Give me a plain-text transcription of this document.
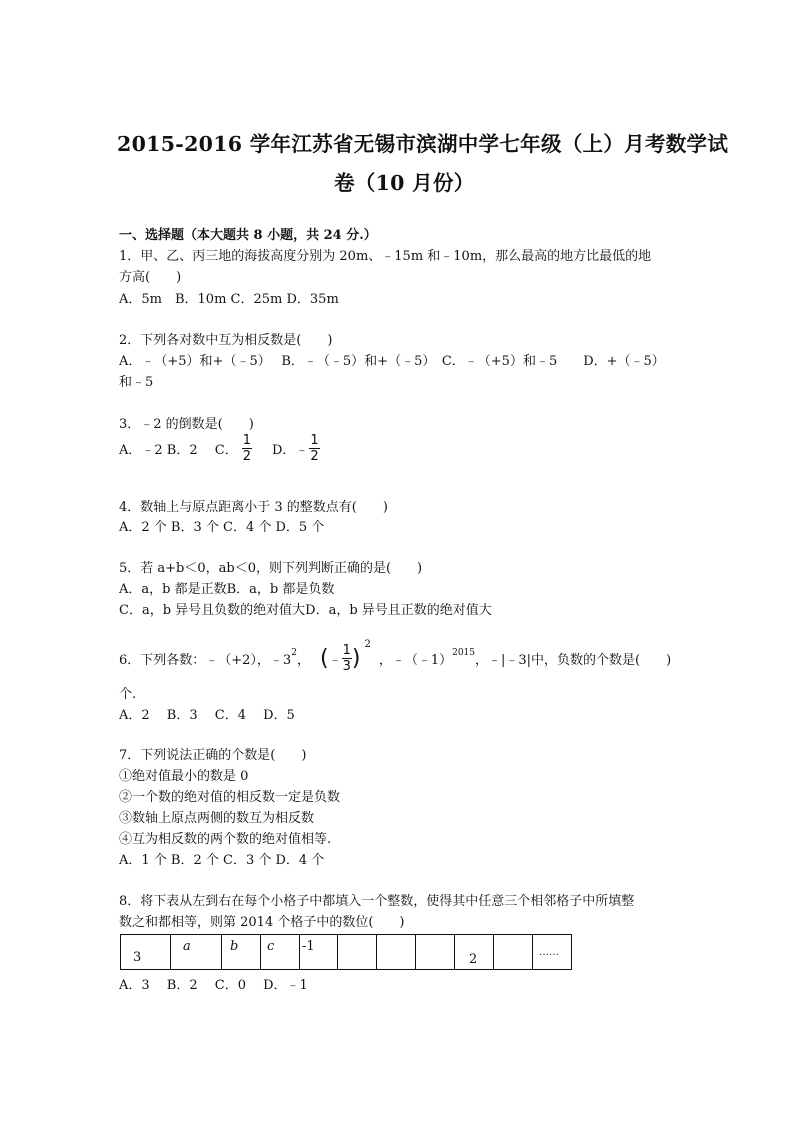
2015-2016 学年江苏省无锡市滨湖中学七年级（上）月考数学试
卷（10 月份）
一、选择题（本大题共 8 小题，共 24 分.）
1．甲、乙、丙三地的海拔高度分别为 20m、﹣15m 和﹣10m，那么最高的地方比最低的地
方高(　　)
A．5m　B．10m C．25m D．35m
2．下列各对数中互为相反数是(　　)
A．﹣（+5）和+（﹣5）　 B．﹣（﹣5）和+（﹣5）　C．﹣（+5）和﹣5　　D．+（﹣5）
和﹣5
3．﹣2 的倒数是(　　)
A．﹣2 B．2　 C． $\frac{1}{2}$ D．﹣ $\frac{1}{2}$
4．数轴上与原点距离小于 3 的整数点有(　　)
A．2 个 B．3 个 C．4 个 D．5 个
5．若 a+b＜0，ab＜0，则下列判断正确的是(　　)
A．a，b 都是正数B．a，b 都是负数
C．a，b 异号且负数的绝对值大D．a，b 异号且正数的绝对值大
6．下列各数：﹣（+2），﹣3
$^2$
， ( ﹣ $\frac{1}{3}$ )
$^2$
，﹣（﹣1）
$^{2015}$
，﹣|﹣3|中，负数的个数是(　　)
个.
A．2　 B．3　 C．4　 D．5
7．下列说法正确的个数是(　　)
①绝对值最小的数是 0
②一个数的绝对值的相反数一定是负数
③数轴上原点两侧的数互为相反数
④互为相反数的两个数的绝对值相等.
A．1 个 B．2 个 C．3 个 D．4 个
8．将下表从左到右在每个小格子中都填入一个整数，使得其中任意三个相邻格子中所填整
数之和都相等，则第 2014 个格子中的数位(　　)
3	a	b	c	-1				2		……
A．3　 B．2　 C．0　 D．﹣1
